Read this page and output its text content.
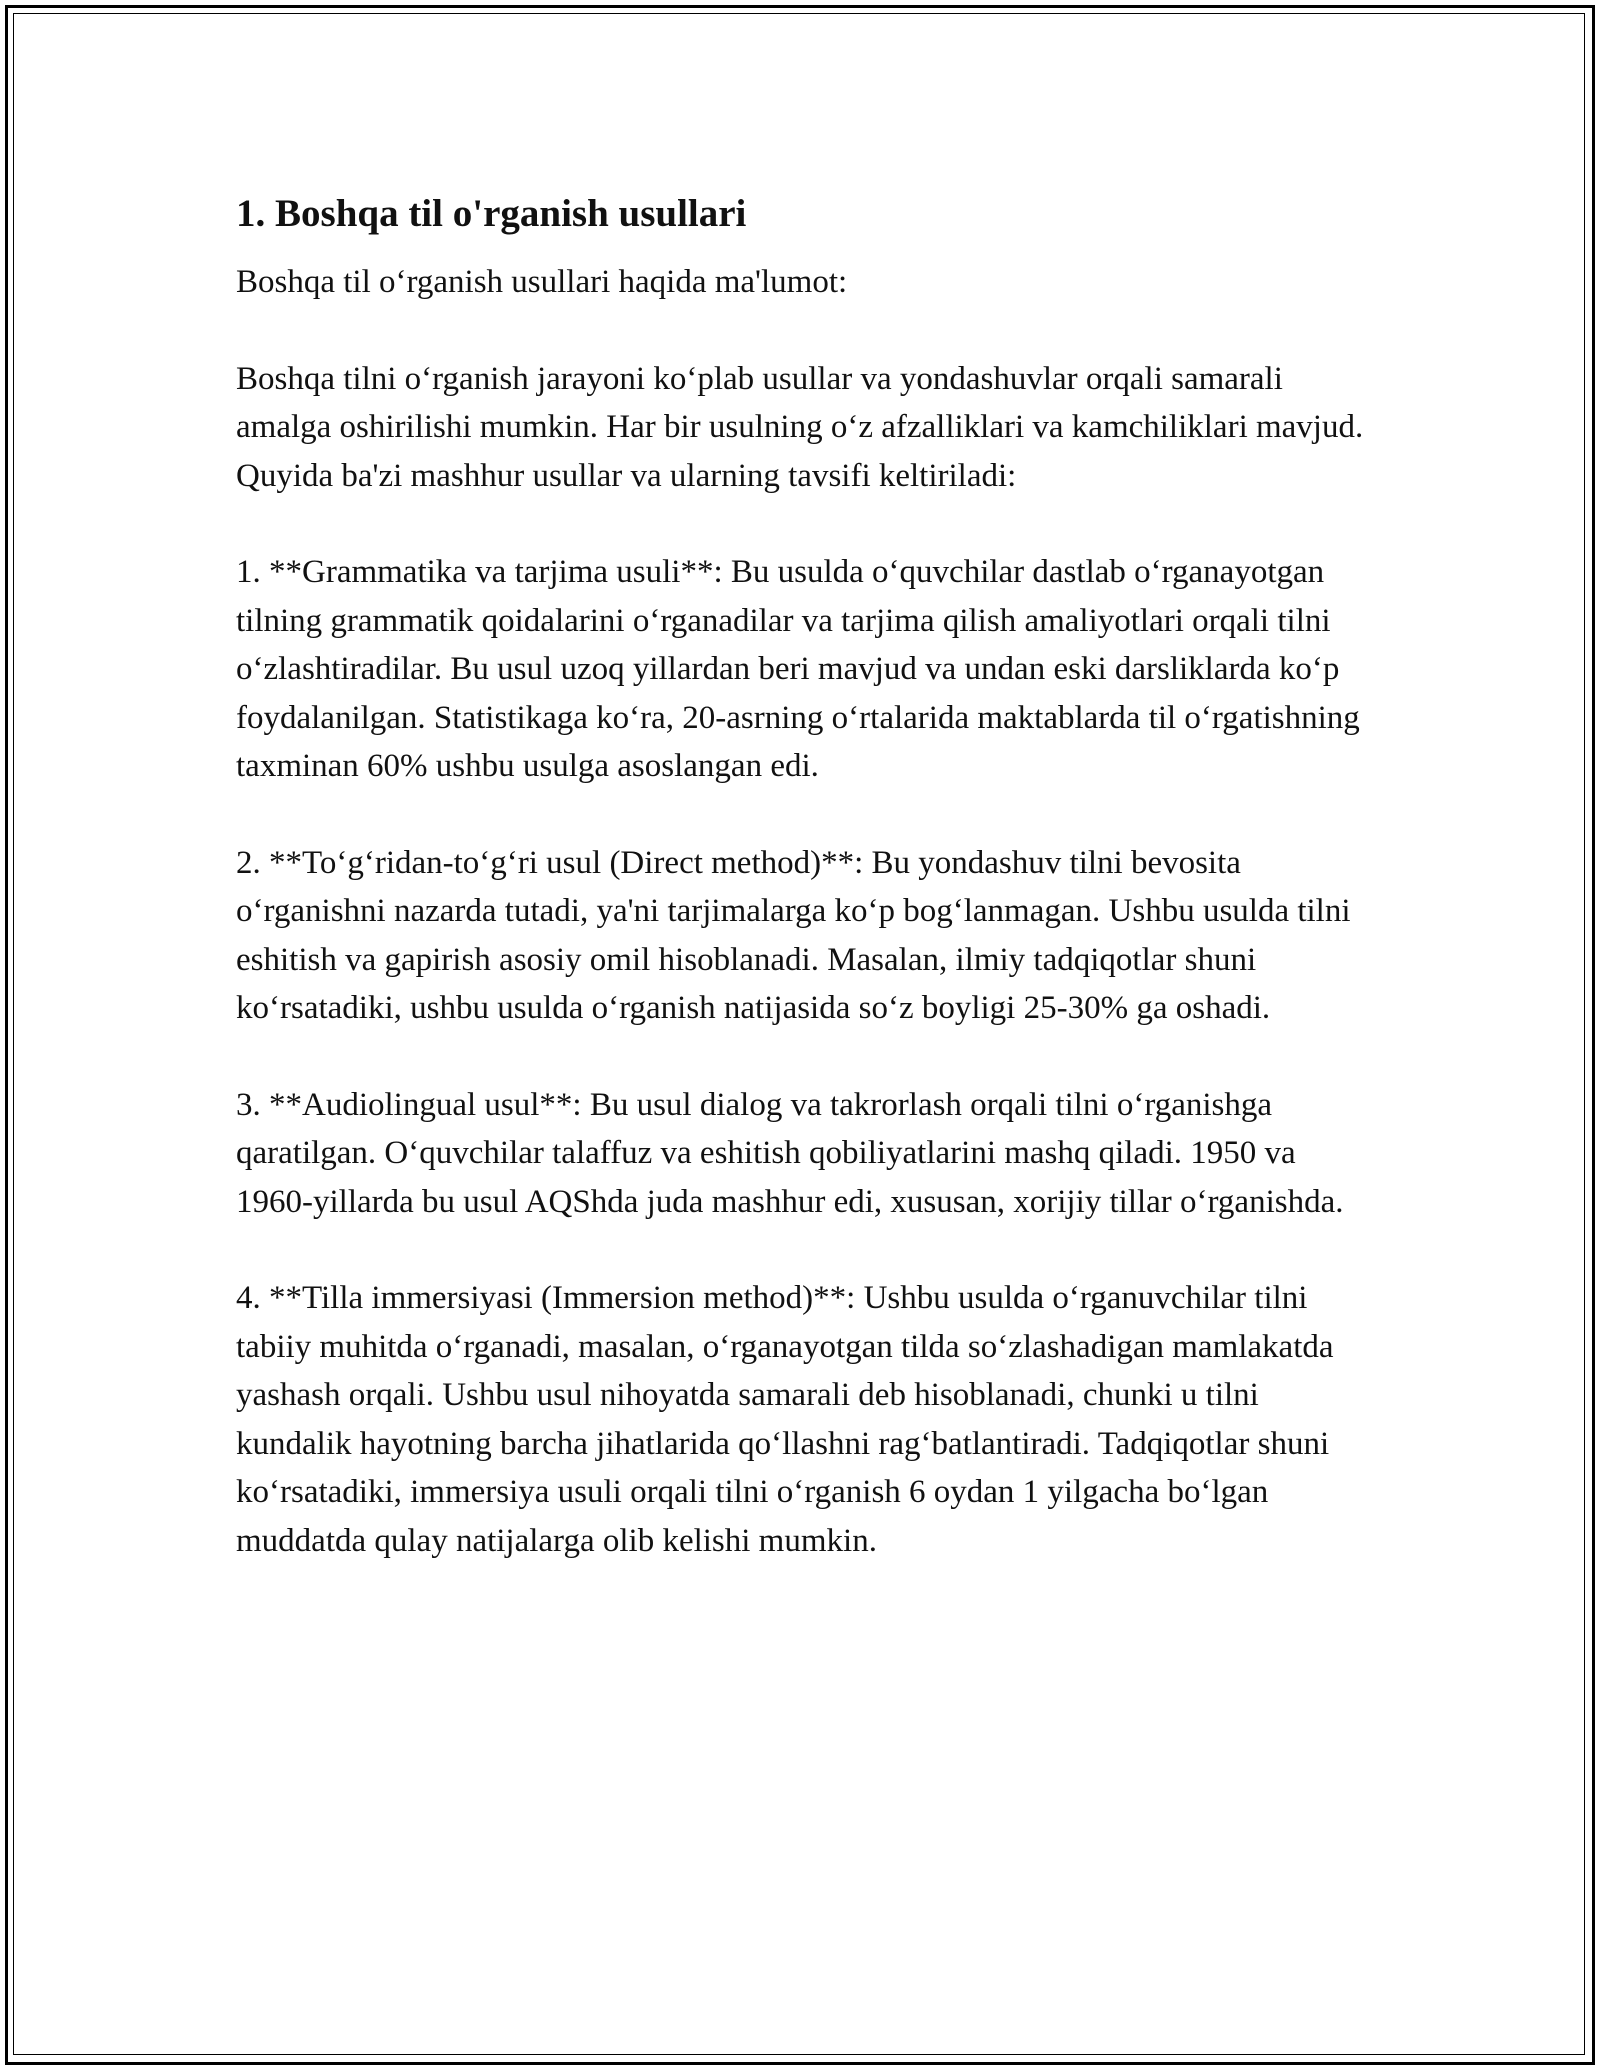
1. Boshqa til o'rganish usullari

Boshqa til o‘rganish usullari haqida ma'lumot:

Boshqa tilni o‘rganish jarayoni ko‘plab usullar va yondashuvlar orqali samarali amalga oshirilishi mumkin. Har bir usulning o‘z afzalliklari va kamchiliklari mavjud. Quyida ba'zi mashhur usullar va ularning tavsifi keltiriladi:

1. **Grammatika va tarjima usuli**: Bu usulda o‘quvchilar dastlab o‘rganayotgan tilning grammatik qoidalarini o‘rganadilar va tarjima qilish amaliyotlari orqali tilni o‘zlashtiradilar. Bu usul uzoq yillardan beri mavjud va undan eski darsliklarda ko‘p foydalanilgan. Statistikaga ko‘ra, 20-asrning o‘rtalarida maktablarda til o‘rgatishning taxminan 60% ushbu usulga asoslangan edi.

2. **To‘g‘ridan-to‘g‘ri usul (Direct method)**: Bu yondashuv tilni bevosita o‘rganishni nazarda tutadi, ya'ni tarjimalarga ko‘p bog‘lanmagan. Ushbu usulda tilni eshitish va gapirish asosiy omil hisoblanadi. Masalan, ilmiy tadqiqotlar shuni ko‘rsatadiki, ushbu usulda o‘rganish natijasida so‘z boyligi 25-30% ga oshadi.

3. **Audiolingual usul**: Bu usul dialog va takrorlash orqali tilni o‘rganishga qaratilgan. O‘quvchilar talaffuz va eshitish qobiliyatlarini mashq qiladi. 1950 va 1960-yillarda bu usul AQShda juda mashhur edi, xususan, xorijiy tillar o‘rganishda.

4. **Tilla immersiyasi (Immersion method)**: Ushbu usulda o‘rganuvchilar tilni tabiiy muhitda o‘rganadi, masalan, o‘rganayotgan tilda so‘zlashadigan mamlakatda yashash orqali. Ushbu usul nihoyatda samarali deb hisoblanadi, chunki u tilni kundalik hayotning barcha jihatlarida qo‘llashni rag‘batlantiradi. Tadqiqotlar shuni ko‘rsatadiki, immersiya usuli orqali tilni o‘rganish 6 oydan 1 yilgacha bo‘lgan muddatda qulay natijalarga olib kelishi mumkin.
